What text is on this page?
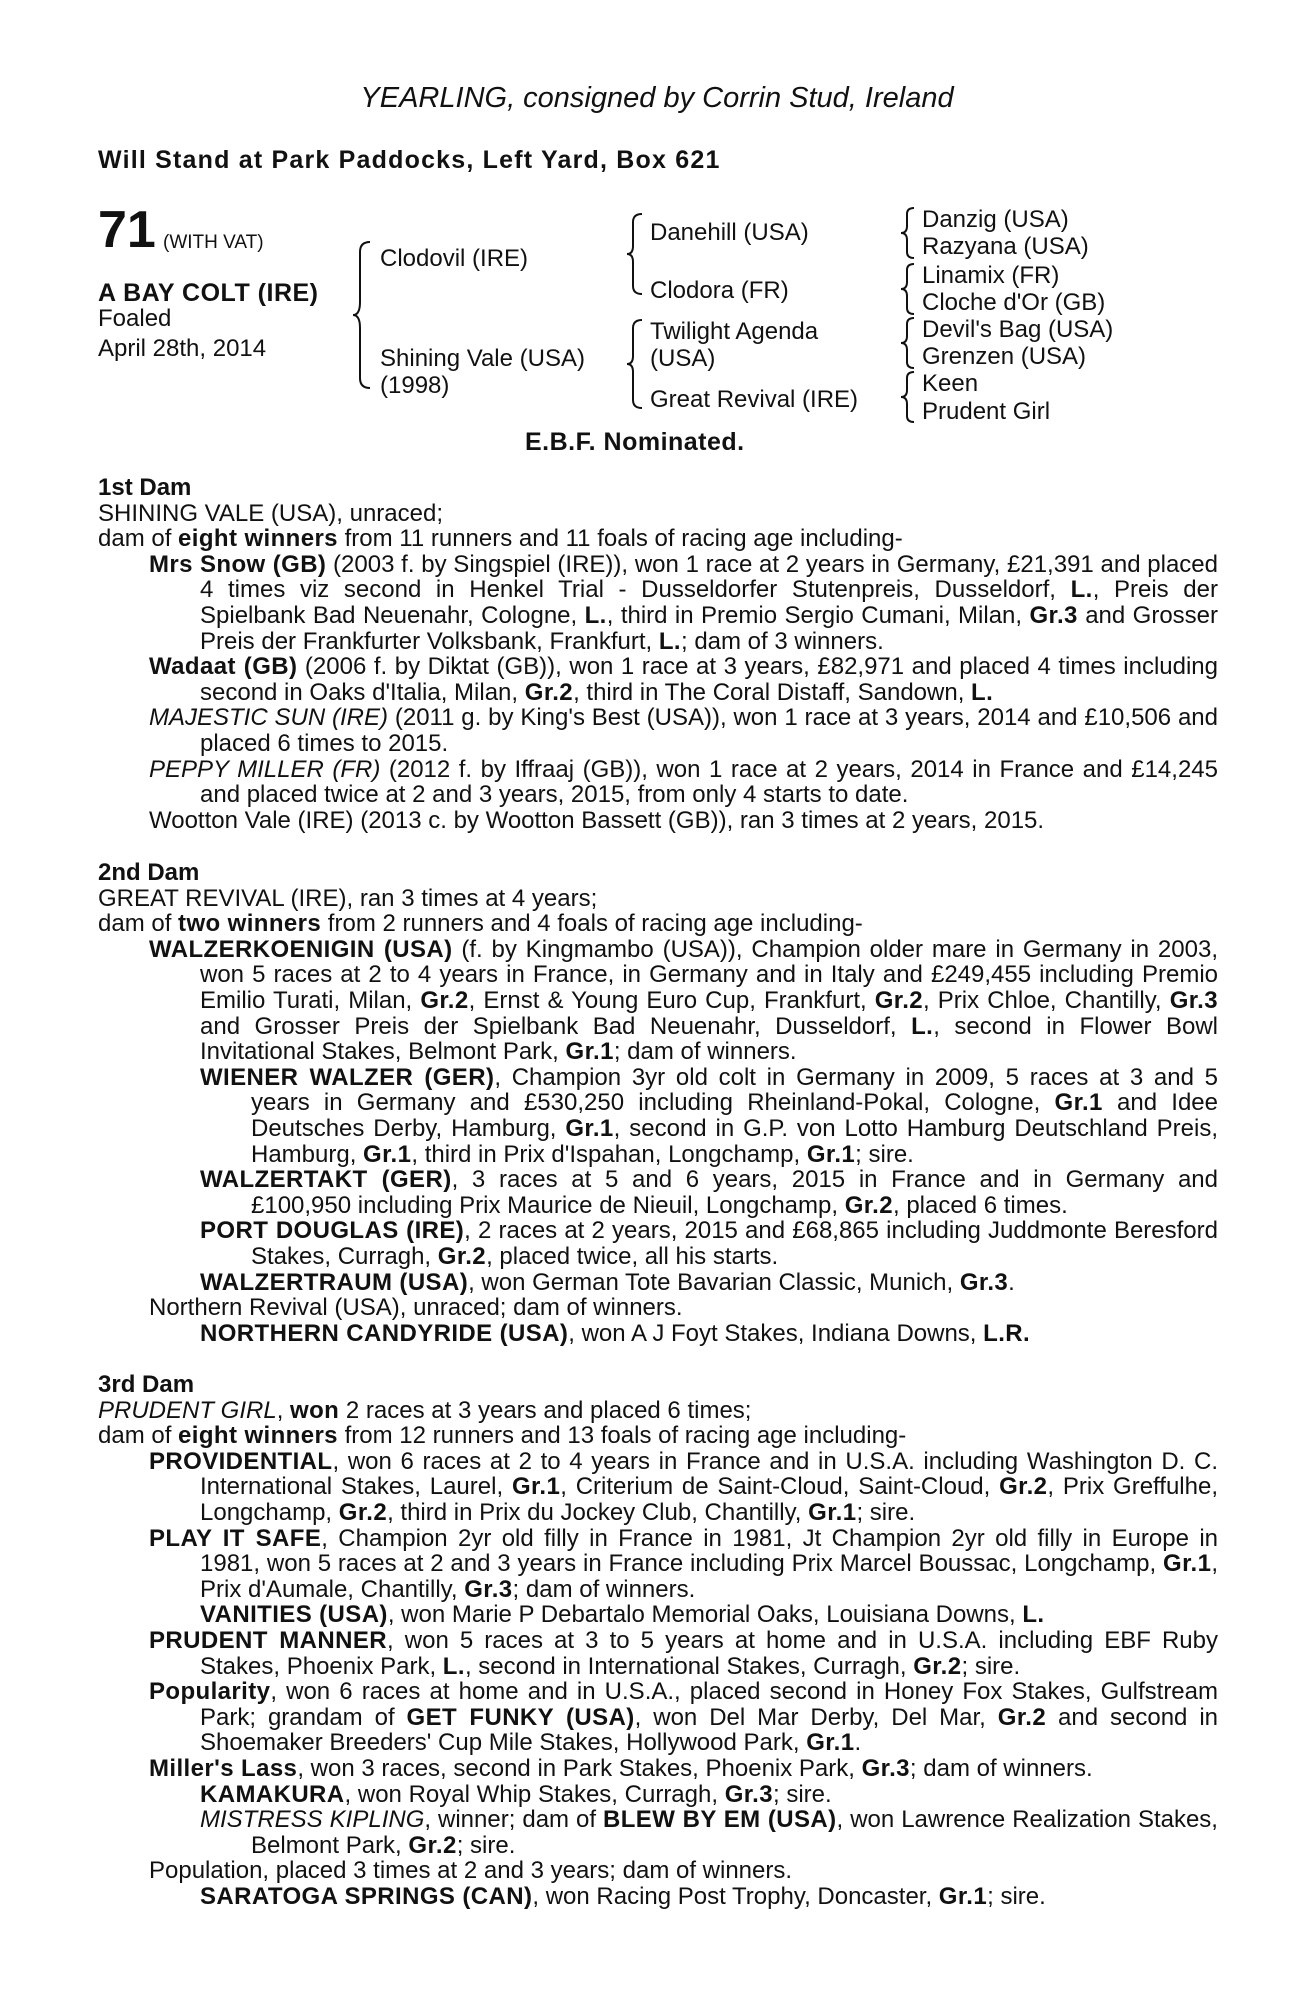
YEARLING, consigned by Corrin Stud, Ireland
Will Stand at Park Paddocks, Left Yard, Box 621
71 (WITH VAT)
A BAY COLT (IRE)
Foaled
April 28th, 2014
Clodovil (IRE)
Shining Vale (USA)
(1998)
Danehill (USA)
Clodora (FR)
Twilight Agenda
(USA)
Great Revival (IRE)
Danzig (USA)
Razyana (USA)
Linamix (FR)
Cloche d'Or (GB)
Devil's Bag (USA)
Grenzen (USA)
Keen
Prudent Girl
E.B.F. Nominated.
1st Dam
SHINING VALE (USA), unraced;
dam of eight winners from 11 runners and 11 foals of racing age including-
Mrs Snow (GB) (2003 f. by Singspiel (IRE)), won 1 race at 2 years in Germany, £21,391 and placed 4 times viz second in Henkel Trial - Dusseldorfer Stutenpreis, Dusseldorf, L., Preis der Spielbank Bad Neuenahr, Cologne, L., third in Premio Sergio Cumani, Milan, Gr.3 and Grosser Preis der Frankfurter Volksbank, Frankfurt, L.; dam of 3 winners.
Wadaat (GB) (2006 f. by Diktat (GB)), won 1 race at 3 years, £82,971 and placed 4 times including second in Oaks d'Italia, Milan, Gr.2, third in The Coral Distaff, Sandown, L.
MAJESTIC SUN (IRE) (2011 g. by King's Best (USA)), won 1 race at 3 years, 2014 and £10,506 and placed 6 times to 2015.
PEPPY MILLER (FR) (2012 f. by Iffraaj (GB)), won 1 race at 2 years, 2014 in France and £14,245 and placed twice at 2 and 3 years, 2015, from only 4 starts to date.
Wootton Vale (IRE) (2013 c. by Wootton Bassett (GB)), ran 3 times at 2 years, 2015.
2nd Dam
GREAT REVIVAL (IRE), ran 3 times at 4 years;
dam of two winners from 2 runners and 4 foals of racing age including-
WALZERKOENIGIN (USA) (f. by Kingmambo (USA)), Champion older mare in Germany in 2003, won 5 races at 2 to 4 years in France, in Germany and in Italy and £249,455 including Premio Emilio Turati, Milan, Gr.2, Ernst & Young Euro Cup, Frankfurt, Gr.2, Prix Chloe, Chantilly, Gr.3 and Grosser Preis der Spielbank Bad Neuenahr, Dusseldorf, L., second in Flower Bowl Invitational Stakes, Belmont Park, Gr.1; dam of winners.
WIENER WALZER (GER), Champion 3yr old colt in Germany in 2009, 5 races at 3 and 5 years in Germany and £530,250 including Rheinland-Pokal, Cologne, Gr.1 and Idee Deutsches Derby, Hamburg, Gr.1, second in G.P. von Lotto Hamburg Deutschland Preis, Hamburg, Gr.1, third in Prix d'Ispahan, Longchamp, Gr.1; sire.
WALZERTAKT (GER), 3 races at 5 and 6 years, 2015 in France and in Germany and £100,950 including Prix Maurice de Nieuil, Longchamp, Gr.2, placed 6 times.
PORT DOUGLAS (IRE), 2 races at 2 years, 2015 and £68,865 including Juddmonte Beresford Stakes, Curragh, Gr.2, placed twice, all his starts.
WALZERTRAUM (USA), won German Tote Bavarian Classic, Munich, Gr.3.
Northern Revival (USA), unraced; dam of winners.
NORTHERN CANDYRIDE (USA), won A J Foyt Stakes, Indiana Downs, L.R.
3rd Dam
PRUDENT GIRL, won 2 races at 3 years and placed 6 times;
dam of eight winners from 12 runners and 13 foals of racing age including-
PROVIDENTIAL, won 6 races at 2 to 4 years in France and in U.S.A. including Washington D. C. International Stakes, Laurel, Gr.1, Criterium de Saint-Cloud, Saint-Cloud, Gr.2, Prix Greffulhe, Longchamp, Gr.2, third in Prix du Jockey Club, Chantilly, Gr.1; sire.
PLAY IT SAFE, Champion 2yr old filly in France in 1981, Jt Champion 2yr old filly in Europe in 1981, won 5 races at 2 and 3 years in France including Prix Marcel Boussac, Longchamp, Gr.1, Prix d'Aumale, Chantilly, Gr.3; dam of winners.
VANITIES (USA), won Marie P Debartalo Memorial Oaks, Louisiana Downs, L.
PRUDENT MANNER, won 5 races at 3 to 5 years at home and in U.S.A. including EBF Ruby Stakes, Phoenix Park, L., second in International Stakes, Curragh, Gr.2; sire.
Popularity, won 6 races at home and in U.S.A., placed second in Honey Fox Stakes, Gulfstream Park; grandam of GET FUNKY (USA), won Del Mar Derby, Del Mar, Gr.2 and second in Shoemaker Breeders' Cup Mile Stakes, Hollywood Park, Gr.1.
Miller's Lass, won 3 races, second in Park Stakes, Phoenix Park, Gr.3; dam of winners.
KAMAKURA, won Royal Whip Stakes, Curragh, Gr.3; sire.
MISTRESS KIPLING, winner; dam of BLEW BY EM (USA), won Lawrence Realization Stakes, Belmont Park, Gr.2; sire.
Population, placed 3 times at 2 and 3 years; dam of winners.
SARATOGA SPRINGS (CAN), won Racing Post Trophy, Doncaster, Gr.1; sire.
